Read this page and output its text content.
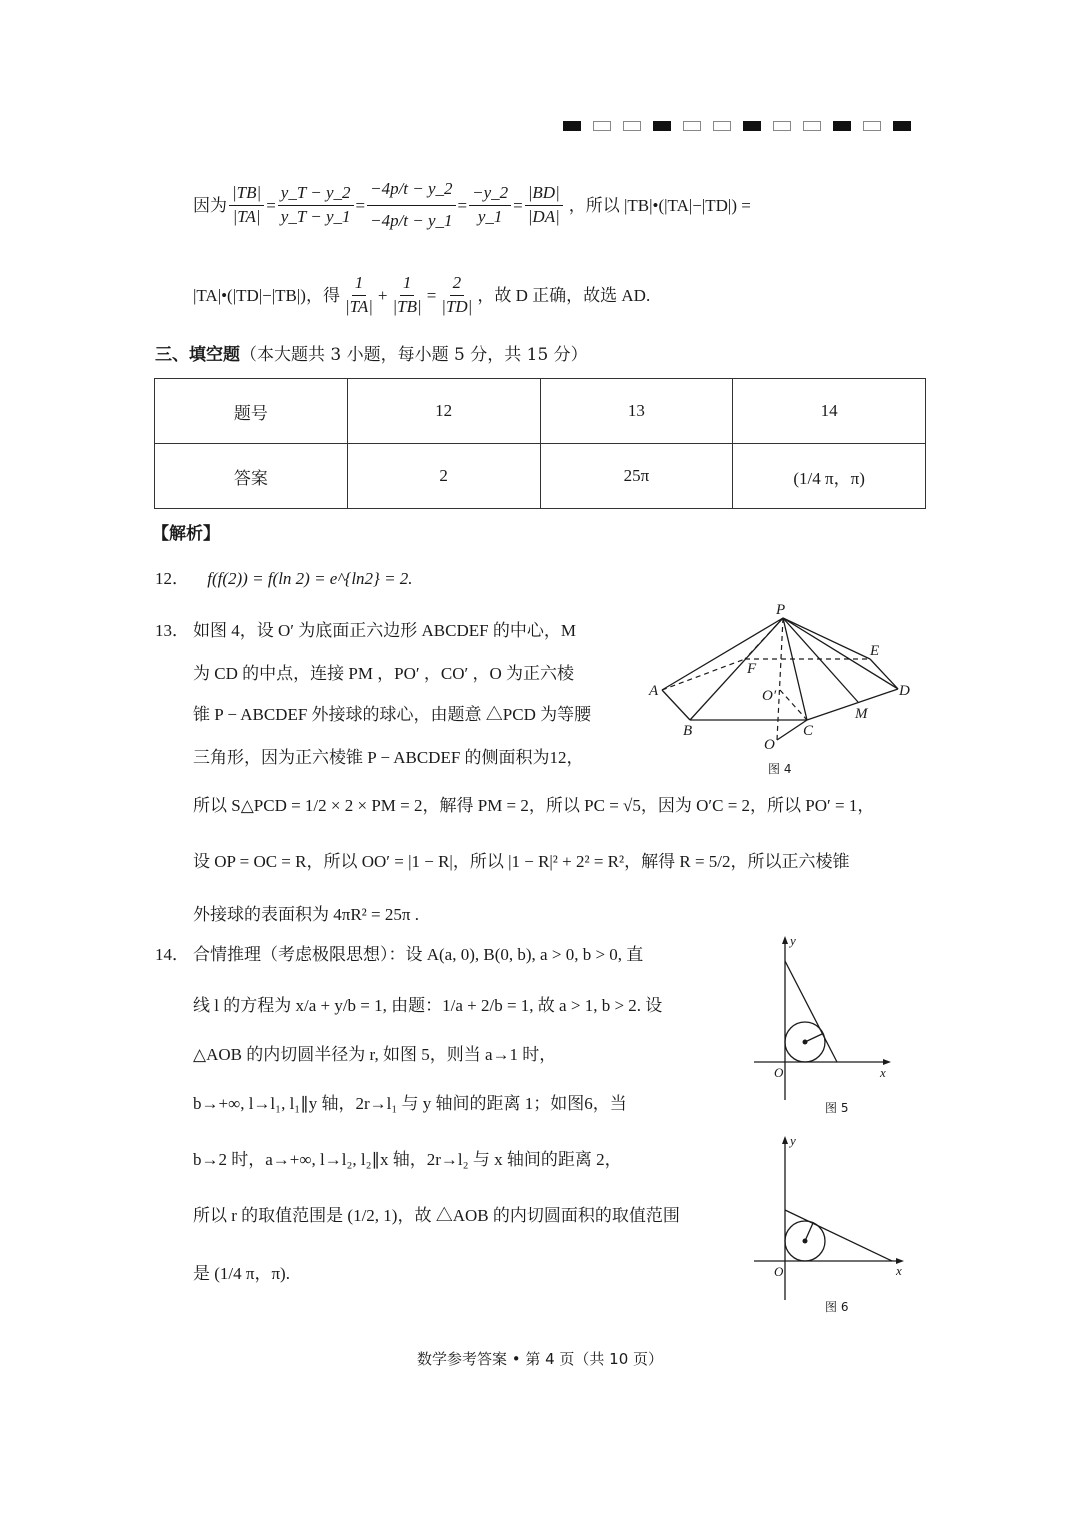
因为 $\frac{|TB|}{|TA|} = \frac{y\_T - y\_2}{y\_T - y\_1} = \frac{-4p/t - y\_2}{-4p/t - y\_1} = \frac{-y\_2}{y\_1} = \frac{|BD|}{|DA|}$ ，所以 |TB|•(|TA|−|TD|) =
|TA|•(|TD|−|TB|)，得 $\frac{1}{|TA|} + \frac{1}{|TB|} = \frac{2}{|TD|}$ ，故 D 正确，故选 AD.
三、填空题（本大题共 3 小题，每小题 5 分，共 15 分）
题号	12	13	14
答案	2	25π	(1/4 π，π)
【解析】
12． f(f(2)) = f(ln 2) = e^{ln2} = 2.
13． 如图 4，设 O′ 为底面正六边形 ABCDEF 的中心，M
为 CD 的中点，连接 PM ，PO′ ，CO′ ，O 为正六棱
锥 P − ABCDEF 外接球的球心，由题意 △PCD 为等腰
三角形，因为正六棱锥 P − ABCDEF 的侧面积为12，
所以 S△PCD = 1/2 × 2 × PM = 2，解得 PM = 2，所以 PC = √5，因为 O′C = 2，所以 PO′ = 1，
设 OP = OC = R，所以 OO′ = |1 − R|，所以 |1 − R|² + 2² = R²，解得 R = 5/2，所以正六棱锥
外接球的表面积为 4πR² = 25π .
P
A
B	C
D
E
F
M
O′
O
图 4
14． 合情推理（考虑极限思想）：设 A(a, 0), B(0, b), a > 0, b > 0, 直
线 l 的方程为 x/a + y/b = 1, 由题：1/a + 2/b = 1, 故 a > 1, b > 2. 设
△AOB 的内切圆半径为 r, 如图 5，则当 a→1 时，
b→+∞, l→l₁, l₁∥y 轴，2r→l₁ 与 y 轴间的距离 1；如图6，当
b→2 时，a→+∞, l→l₂, l₂∥x 轴，2r→l₂ 与 x 轴间的距离 2，
所以 r 的取值范围是 (1/2, 1)，故 △AOB 的内切圆面积的取值范围
是 (1/4 π，π).
y
x
O
图 5
y
x
O
图 6
数学参考答案 • 第 4 页（共 10 页）
